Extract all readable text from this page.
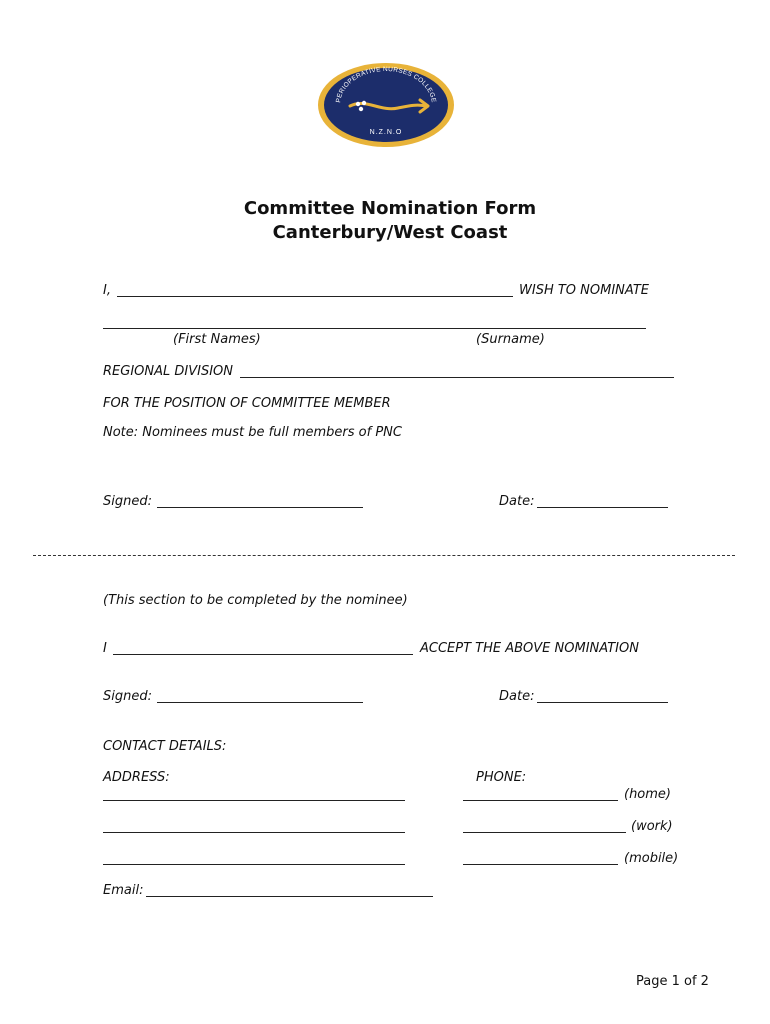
PERIOPERATIVE NURSES COLLEGE
N.Z.N.O
Committee Nomination Form
Canterbury/West Coast
I,	WISH TO NOMINATE
(First Names)	(Surname)
REGIONAL DIVISION
FOR THE POSITION OF COMMITTEE MEMBER
Note: Nominees must be full members of PNC
Signed:	Date:
(This section to be completed by the nominee)
I	ACCEPT THE ABOVE NOMINATION
Signed:	Date:
CONTACT DETAILS:
ADDRESS:	PHONE:
(home)
(work)
(mobile)
Email:
Page 1 of 2
